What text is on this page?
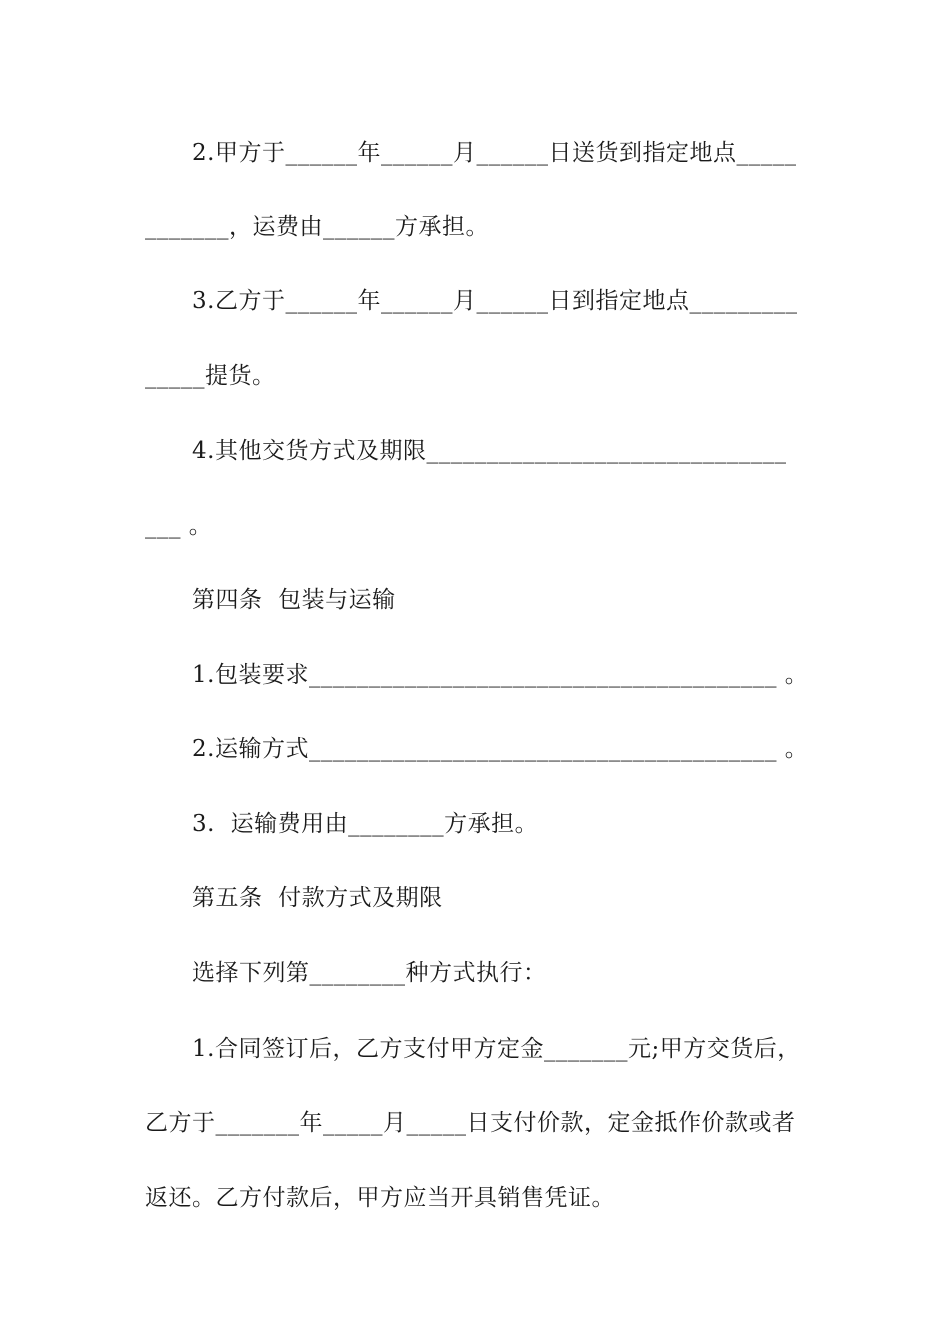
2.甲方于______年______月______日送货到指定地点_____
_______，运费由______方承担。
3.乙方于______年______月______日到指定地点_________
_____提货。
4.其他交货方式及期限______________________________
___ 。
第四条  包装与运输
1.包装要求_______________________________________ 。
2.运输方式_______________________________________ 。
3.  运输费用由________方承担。
第五条  付款方式及期限
选择下列第________种方式执行：
1.合同签订后，乙方支付甲方定金_______元;甲方交货后，
乙方于_______年_____月_____日支付价款，定金抵作价款或者
返还。乙方付款后，甲方应当开具销售凭证。
